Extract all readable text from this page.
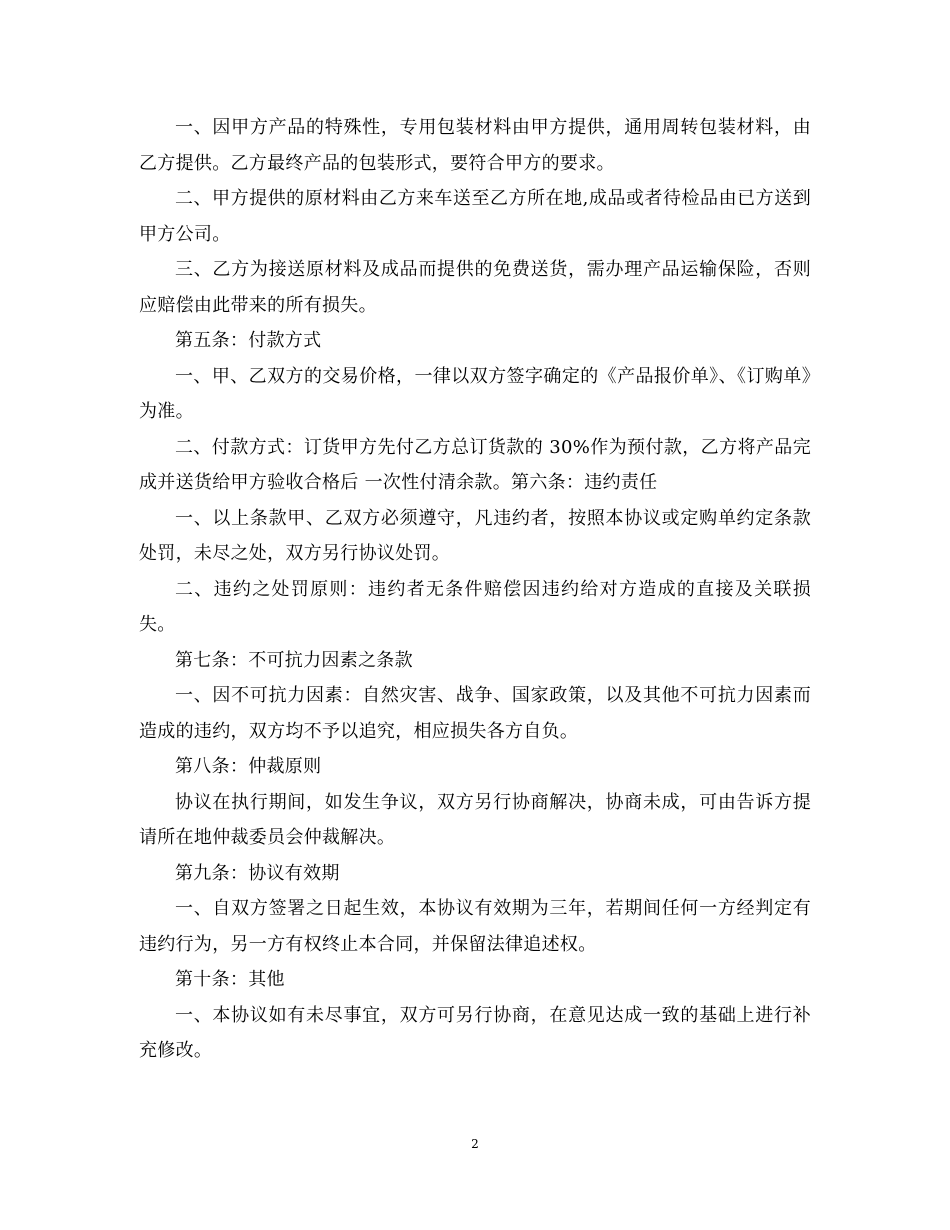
一、因甲方产品的特殊性，专用包装材料由甲方提供，通用周转包装材料，由乙方提供。乙方最终产品的包装形式，要符合甲方的要求。

二、甲方提供的原材料由乙方来车送至乙方所在地,成品或者待检品由已方送到甲方公司。

三、乙方为接送原材料及成品而提供的免费送货，需办理产品运输保险，否则应赔偿由此带来的所有损失。

第五条：付款方式

一、甲、乙双方的交易价格，一律以双方签字确定的《产品报价单》、《订购单》为准。

二、付款方式：订货甲方先付乙方总订货款的 30%作为预付款，乙方将产品完成并送货给甲方验收合格后 一次性付清余款。第六条：违约责任

一、以上条款甲、乙双方必须遵守，凡违约者，按照本协议或定购单约定条款处罚，未尽之处，双方另行协议处罚。

二、违约之处罚原则：违约者无条件赔偿因违约给对方造成的直接及关联损失。

第七条：不可抗力因素之条款

一、因不可抗力因素：自然灾害、战争、国家政策，以及其他不可抗力因素而造成的违约，双方均不予以追究，相应损失各方自负。

第八条：仲裁原则

协议在执行期间，如发生争议，双方另行协商解决，协商未成，可由告诉方提请所在地仲裁委员会仲裁解决。

第九条：协议有效期

一、自双方签署之日起生效，本协议有效期为三年，若期间任何一方经判定有违约行为，另一方有权终止本合同，并保留法律追述权。

第十条：其他

一、本协议如有未尽事宜，双方可另行协商，在意见达成一致的基础上进行补充修改。

2
